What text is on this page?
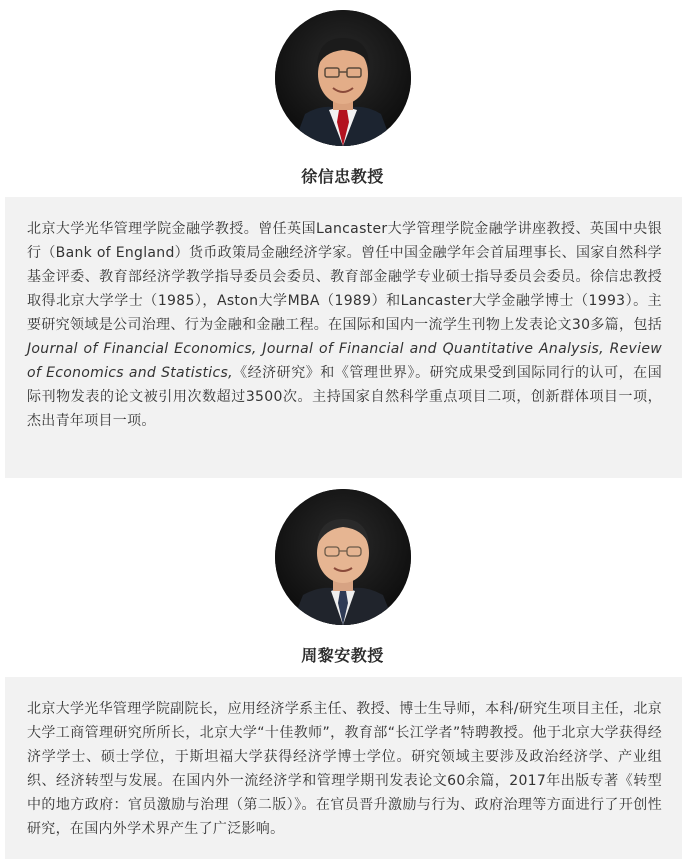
徐信忠教授

北京大学光华管理学院金融学教授。曾任英国Lancaster大学管理学院金融学讲座教授、英国中央银行（Bank of England）货币政策局金融经济学家。曾任中国金融学年会首届理事长、国家自然科学基金评委、教育部经济学教学指导委员会委员、教育部金融学专业硕士指导委员会委员。徐信忠教授取得北京大学学士（1985），Aston大学MBA（1989）和Lancaster大学金融学博士（1993）。主要研究领域是公司治理、行为金融和金融工程。在国际和国内一流学生刊物上发表论文30多篇，包括Journal of Financial Economics, Journal of Financial and Quantitative Analysis, Review of Economics and Statistics,《经济研究》和《管理世界》。研究成果受到国际同行的认可，在国际刊物发表的论文被引用次数超过3500次。主持国家自然科学重点项目二项，创新群体项目一项，杰出青年项目一项。

周黎安教授

北京大学光华管理学院副院长，应用经济学系主任、教授、博士生导师，本科/研究生项目主任，北京大学工商管理研究所所长，北京大学“十佳教师”，教育部“长江学者”特聘教授。他于北京大学获得经济学学士、硕士学位，于斯坦福大学获得经济学博士学位。研究领域主要涉及政治经济学、产业组织、经济转型与发展。在国内外一流经济学和管理学期刊发表论文60余篇，2017年出版专著《转型中的地方政府：官员激励与治理（第二版）》。在官员晋升激励与行为、政府治理等方面进行了开创性研究，在国内外学术界产生了广泛影响。
